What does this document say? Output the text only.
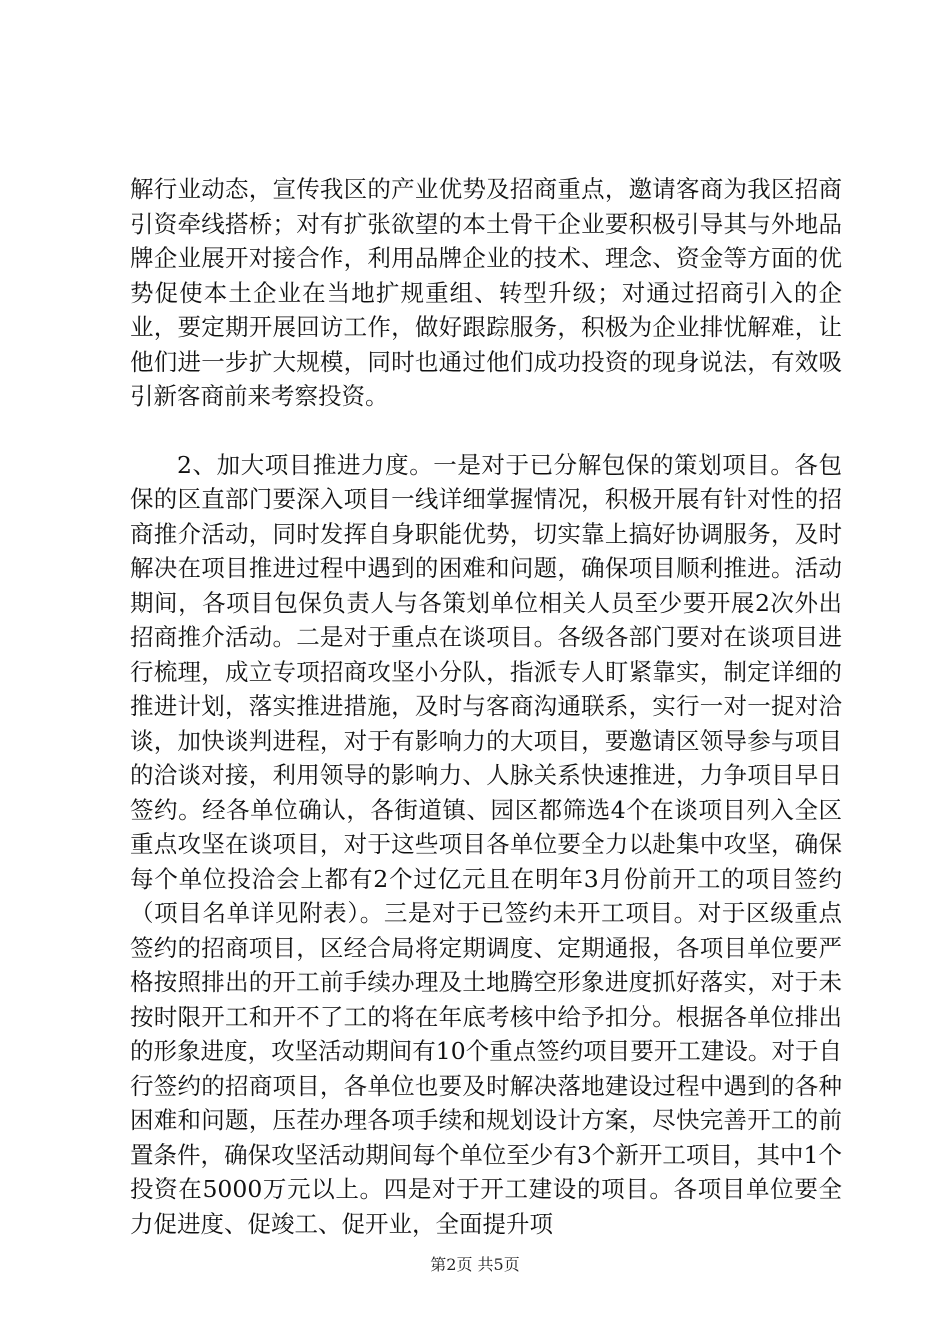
解行业动态，宣传我区的产业优势及招商重点，邀请客商为我区招商引资牵线搭桥；对有扩张欲望的本土骨干企业要积极引导其与外地品牌企业展开对接合作，利用品牌企业的技术、理念、资金等方面的优势促使本土企业在当地扩规重组、转型升级；对通过招商引入的企业，要定期开展回访工作，做好跟踪服务，积极为企业排忧解难，让他们进一步扩大规模，同时也通过他们成功投资的现身说法，有效吸引新客商前来考察投资。

2、加大项目推进力度。一是对于已分解包保的策划项目。各包保的区直部门要深入项目一线详细掌握情况，积极开展有针对性的招商推介活动，同时发挥自身职能优势，切实靠上搞好协调服务，及时解决在项目推进过程中遇到的困难和问题，确保项目顺利推进。活动期间，各项目包保负责人与各策划单位相关人员至少要开展2次外出招商推介活动。二是对于重点在谈项目。各级各部门要对在谈项目进行梳理，成立专项招商攻坚小分队，指派专人盯紧靠实，制定详细的推进计划，落实推进措施，及时与客商沟通联系，实行一对一捉对洽谈，加快谈判进程，对于有影响力的大项目，要邀请区领导参与项目的洽谈对接，利用领导的影响力、人脉关系快速推进，力争项目早日签约。经各单位确认，各街道镇、园区都筛选4个在谈项目列入全区重点攻坚在谈项目，对于这些项目各单位要全力以赴集中攻坚，确保每个单位投洽会上都有2个过亿元且在明年3月份前开工的项目签约（项目名单详见附表）。三是对于已签约未开工项目。对于区级重点签约的招商项目，区经合局将定期调度、定期通报，各项目单位要严格按照排出的开工前手续办理及土地腾空形象进度抓好落实，对于未按时限开工和开不了工的将在年底考核中给予扣分。根据各单位排出的形象进度，攻坚活动期间有10个重点签约项目要开工建设。对于自行签约的招商项目，各单位也要及时解决落地建设过程中遇到的各种困难和问题，压茬办理各项手续和规划设计方案，尽快完善开工的前置条件，确保攻坚活动期间每个单位至少有3个新开工项目，其中1个投资在5000万元以上。四是对于开工建设的项目。各项目单位要全力促进度、促竣工、促开业，全面提升项

第2页 共5页
